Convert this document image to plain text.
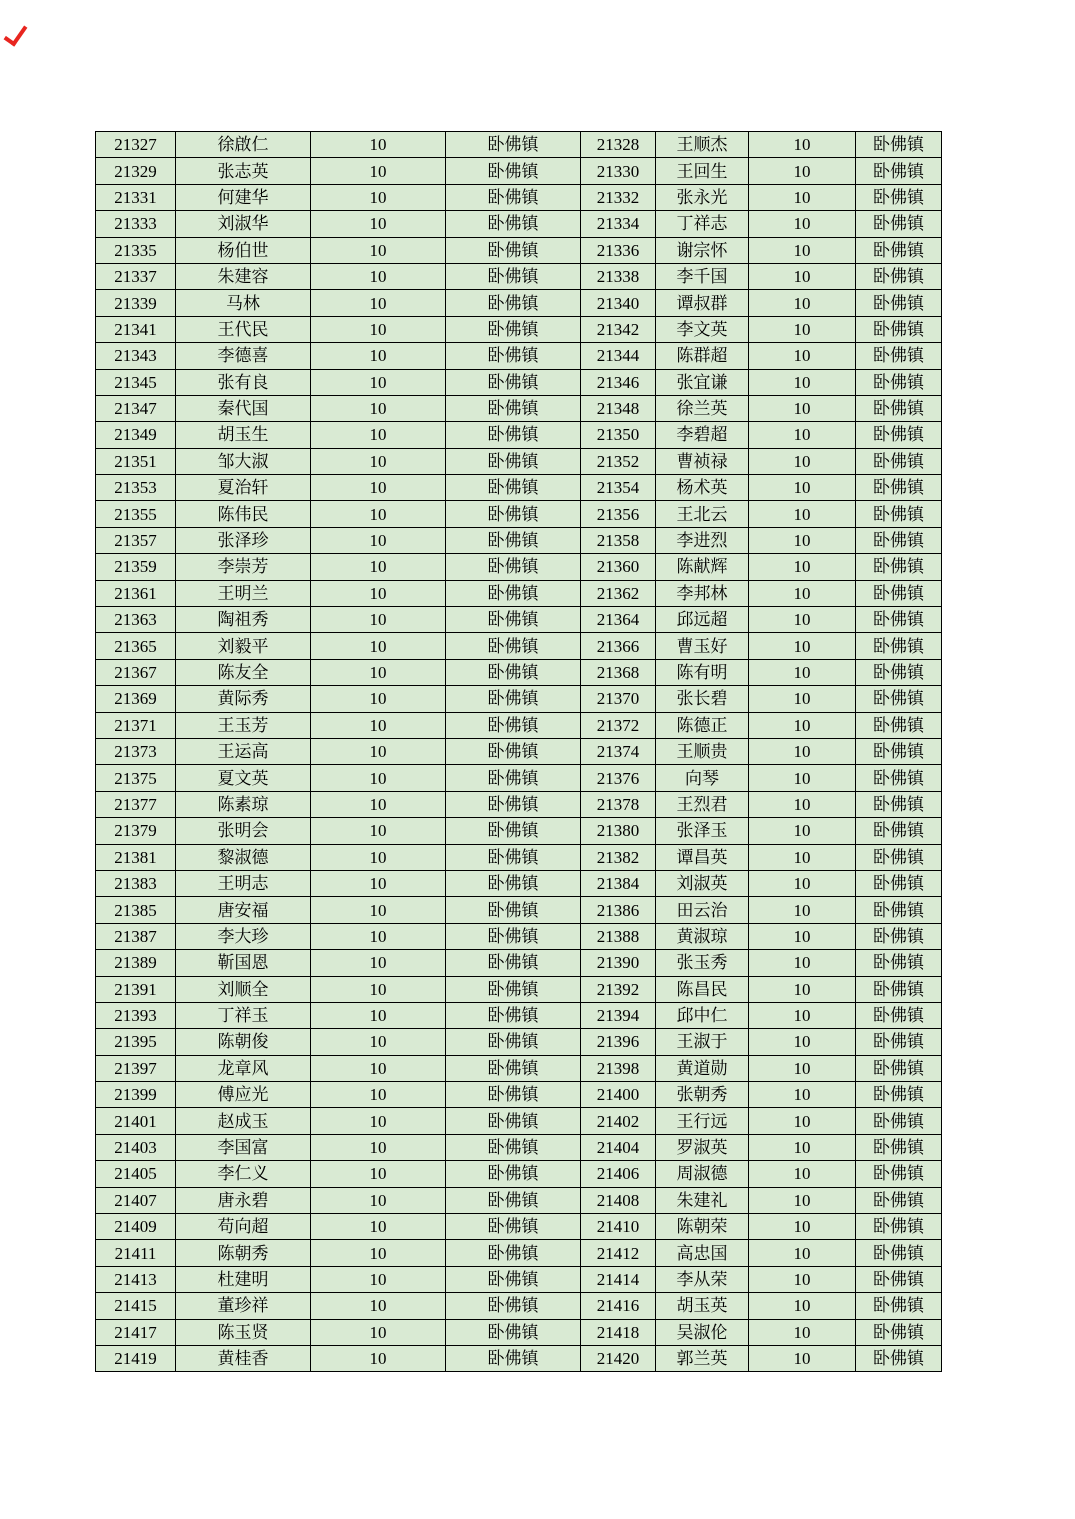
21327	徐啟仁	10	卧佛镇	21328	王顺杰	10	卧佛镇
21329	张志英	10	卧佛镇	21330	王回生	10	卧佛镇
21331	何建华	10	卧佛镇	21332	张永光	10	卧佛镇
21333	刘淑华	10	卧佛镇	21334	丁祥志	10	卧佛镇
21335	杨伯世	10	卧佛镇	21336	谢宗怀	10	卧佛镇
21337	朱建容	10	卧佛镇	21338	李千国	10	卧佛镇
21339	马林	10	卧佛镇	21340	谭叔群	10	卧佛镇
21341	王代民	10	卧佛镇	21342	李文英	10	卧佛镇
21343	李德喜	10	卧佛镇	21344	陈群超	10	卧佛镇
21345	张有良	10	卧佛镇	21346	张宜谦	10	卧佛镇
21347	秦代国	10	卧佛镇	21348	徐兰英	10	卧佛镇
21349	胡玉生	10	卧佛镇	21350	李碧超	10	卧佛镇
21351	邹大淑	10	卧佛镇	21352	曹祯禄	10	卧佛镇
21353	夏治轩	10	卧佛镇	21354	杨术英	10	卧佛镇
21355	陈伟民	10	卧佛镇	21356	王北云	10	卧佛镇
21357	张泽珍	10	卧佛镇	21358	李进烈	10	卧佛镇
21359	李崇芳	10	卧佛镇	21360	陈献辉	10	卧佛镇
21361	王明兰	10	卧佛镇	21362	李邦林	10	卧佛镇
21363	陶祖秀	10	卧佛镇	21364	邱远超	10	卧佛镇
21365	刘毅平	10	卧佛镇	21366	曹玉好	10	卧佛镇
21367	陈友全	10	卧佛镇	21368	陈有明	10	卧佛镇
21369	黄际秀	10	卧佛镇	21370	张长碧	10	卧佛镇
21371	王玉芳	10	卧佛镇	21372	陈德正	10	卧佛镇
21373	王运高	10	卧佛镇	21374	王顺贵	10	卧佛镇
21375	夏文英	10	卧佛镇	21376	向琴	10	卧佛镇
21377	陈素琼	10	卧佛镇	21378	王烈君	10	卧佛镇
21379	张明会	10	卧佛镇	21380	张泽玉	10	卧佛镇
21381	黎淑德	10	卧佛镇	21382	谭昌英	10	卧佛镇
21383	王明志	10	卧佛镇	21384	刘淑英	10	卧佛镇
21385	唐安福	10	卧佛镇	21386	田云治	10	卧佛镇
21387	李大珍	10	卧佛镇	21388	黄淑琼	10	卧佛镇
21389	靳国恩	10	卧佛镇	21390	张玉秀	10	卧佛镇
21391	刘顺全	10	卧佛镇	21392	陈昌民	10	卧佛镇
21393	丁祥玉	10	卧佛镇	21394	邱中仁	10	卧佛镇
21395	陈朝俊	10	卧佛镇	21396	王淑于	10	卧佛镇
21397	龙章风	10	卧佛镇	21398	黄道勋	10	卧佛镇
21399	傅应光	10	卧佛镇	21400	张朝秀	10	卧佛镇
21401	赵成玉	10	卧佛镇	21402	王行远	10	卧佛镇
21403	李国富	10	卧佛镇	21404	罗淑英	10	卧佛镇
21405	李仁义	10	卧佛镇	21406	周淑德	10	卧佛镇
21407	唐永碧	10	卧佛镇	21408	朱建礼	10	卧佛镇
21409	苟向超	10	卧佛镇	21410	陈朝荣	10	卧佛镇
21411	陈朝秀	10	卧佛镇	21412	高忠国	10	卧佛镇
21413	杜建明	10	卧佛镇	21414	李从荣	10	卧佛镇
21415	董珍祥	10	卧佛镇	21416	胡玉英	10	卧佛镇
21417	陈玉贤	10	卧佛镇	21418	吴淑伦	10	卧佛镇
21419	黄桂香	10	卧佛镇	21420	郭兰英	10	卧佛镇
